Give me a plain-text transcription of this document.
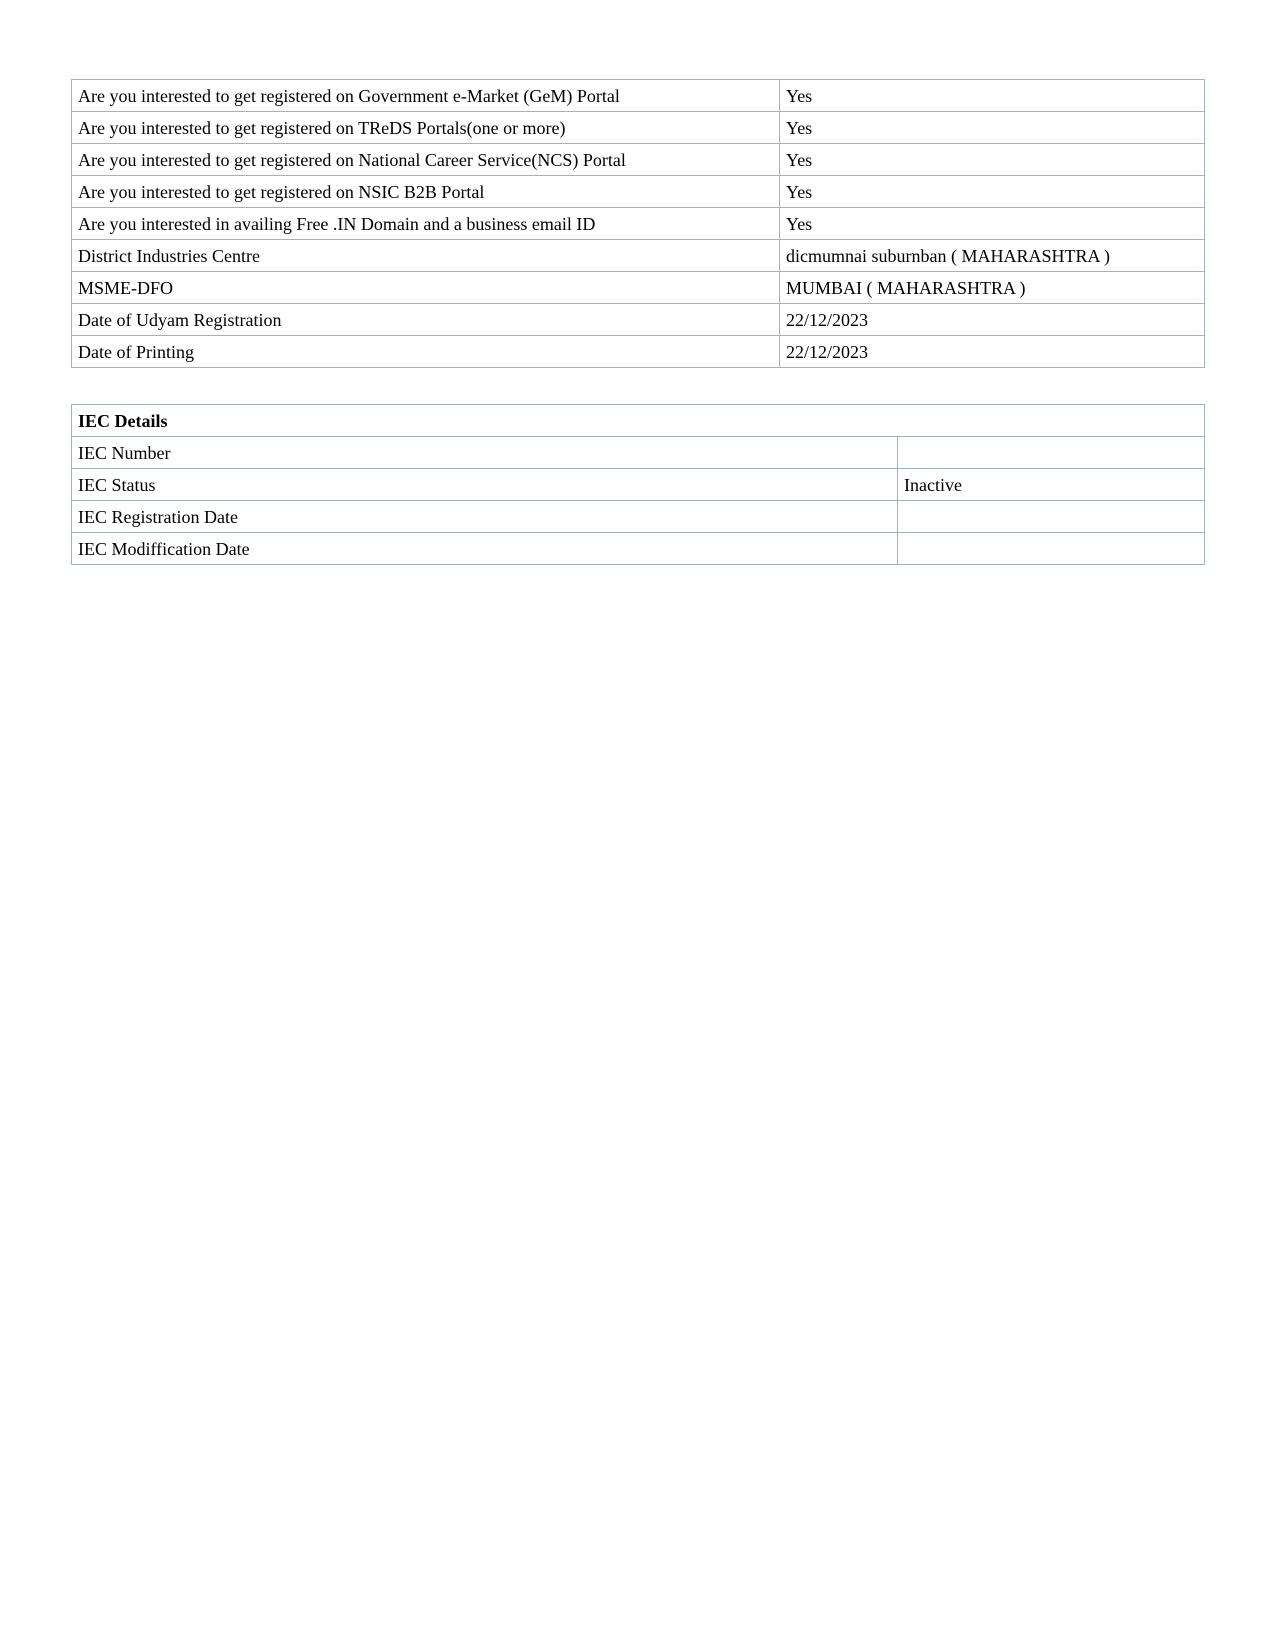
Are you interested to get registered on Government e-Market (GeM) Portal	Yes
Are you interested to get registered on TReDS Portals(one or more)	Yes
Are you interested to get registered on National Career Service(NCS) Portal	Yes
Are you interested to get registered on NSIC B2B Portal	Yes
Are you interested in availing Free .IN Domain and a business email ID	Yes
District Industries Centre	dicmumnai suburnban ( MAHARASHTRA )
MSME-DFO	MUMBAI ( MAHARASHTRA )
Date of Udyam Registration	22/12/2023
Date of Printing	22/12/2023
IEC Details	
IEC Number	
IEC Status	Inactive
IEC Registration Date	
IEC Modiffication Date	
